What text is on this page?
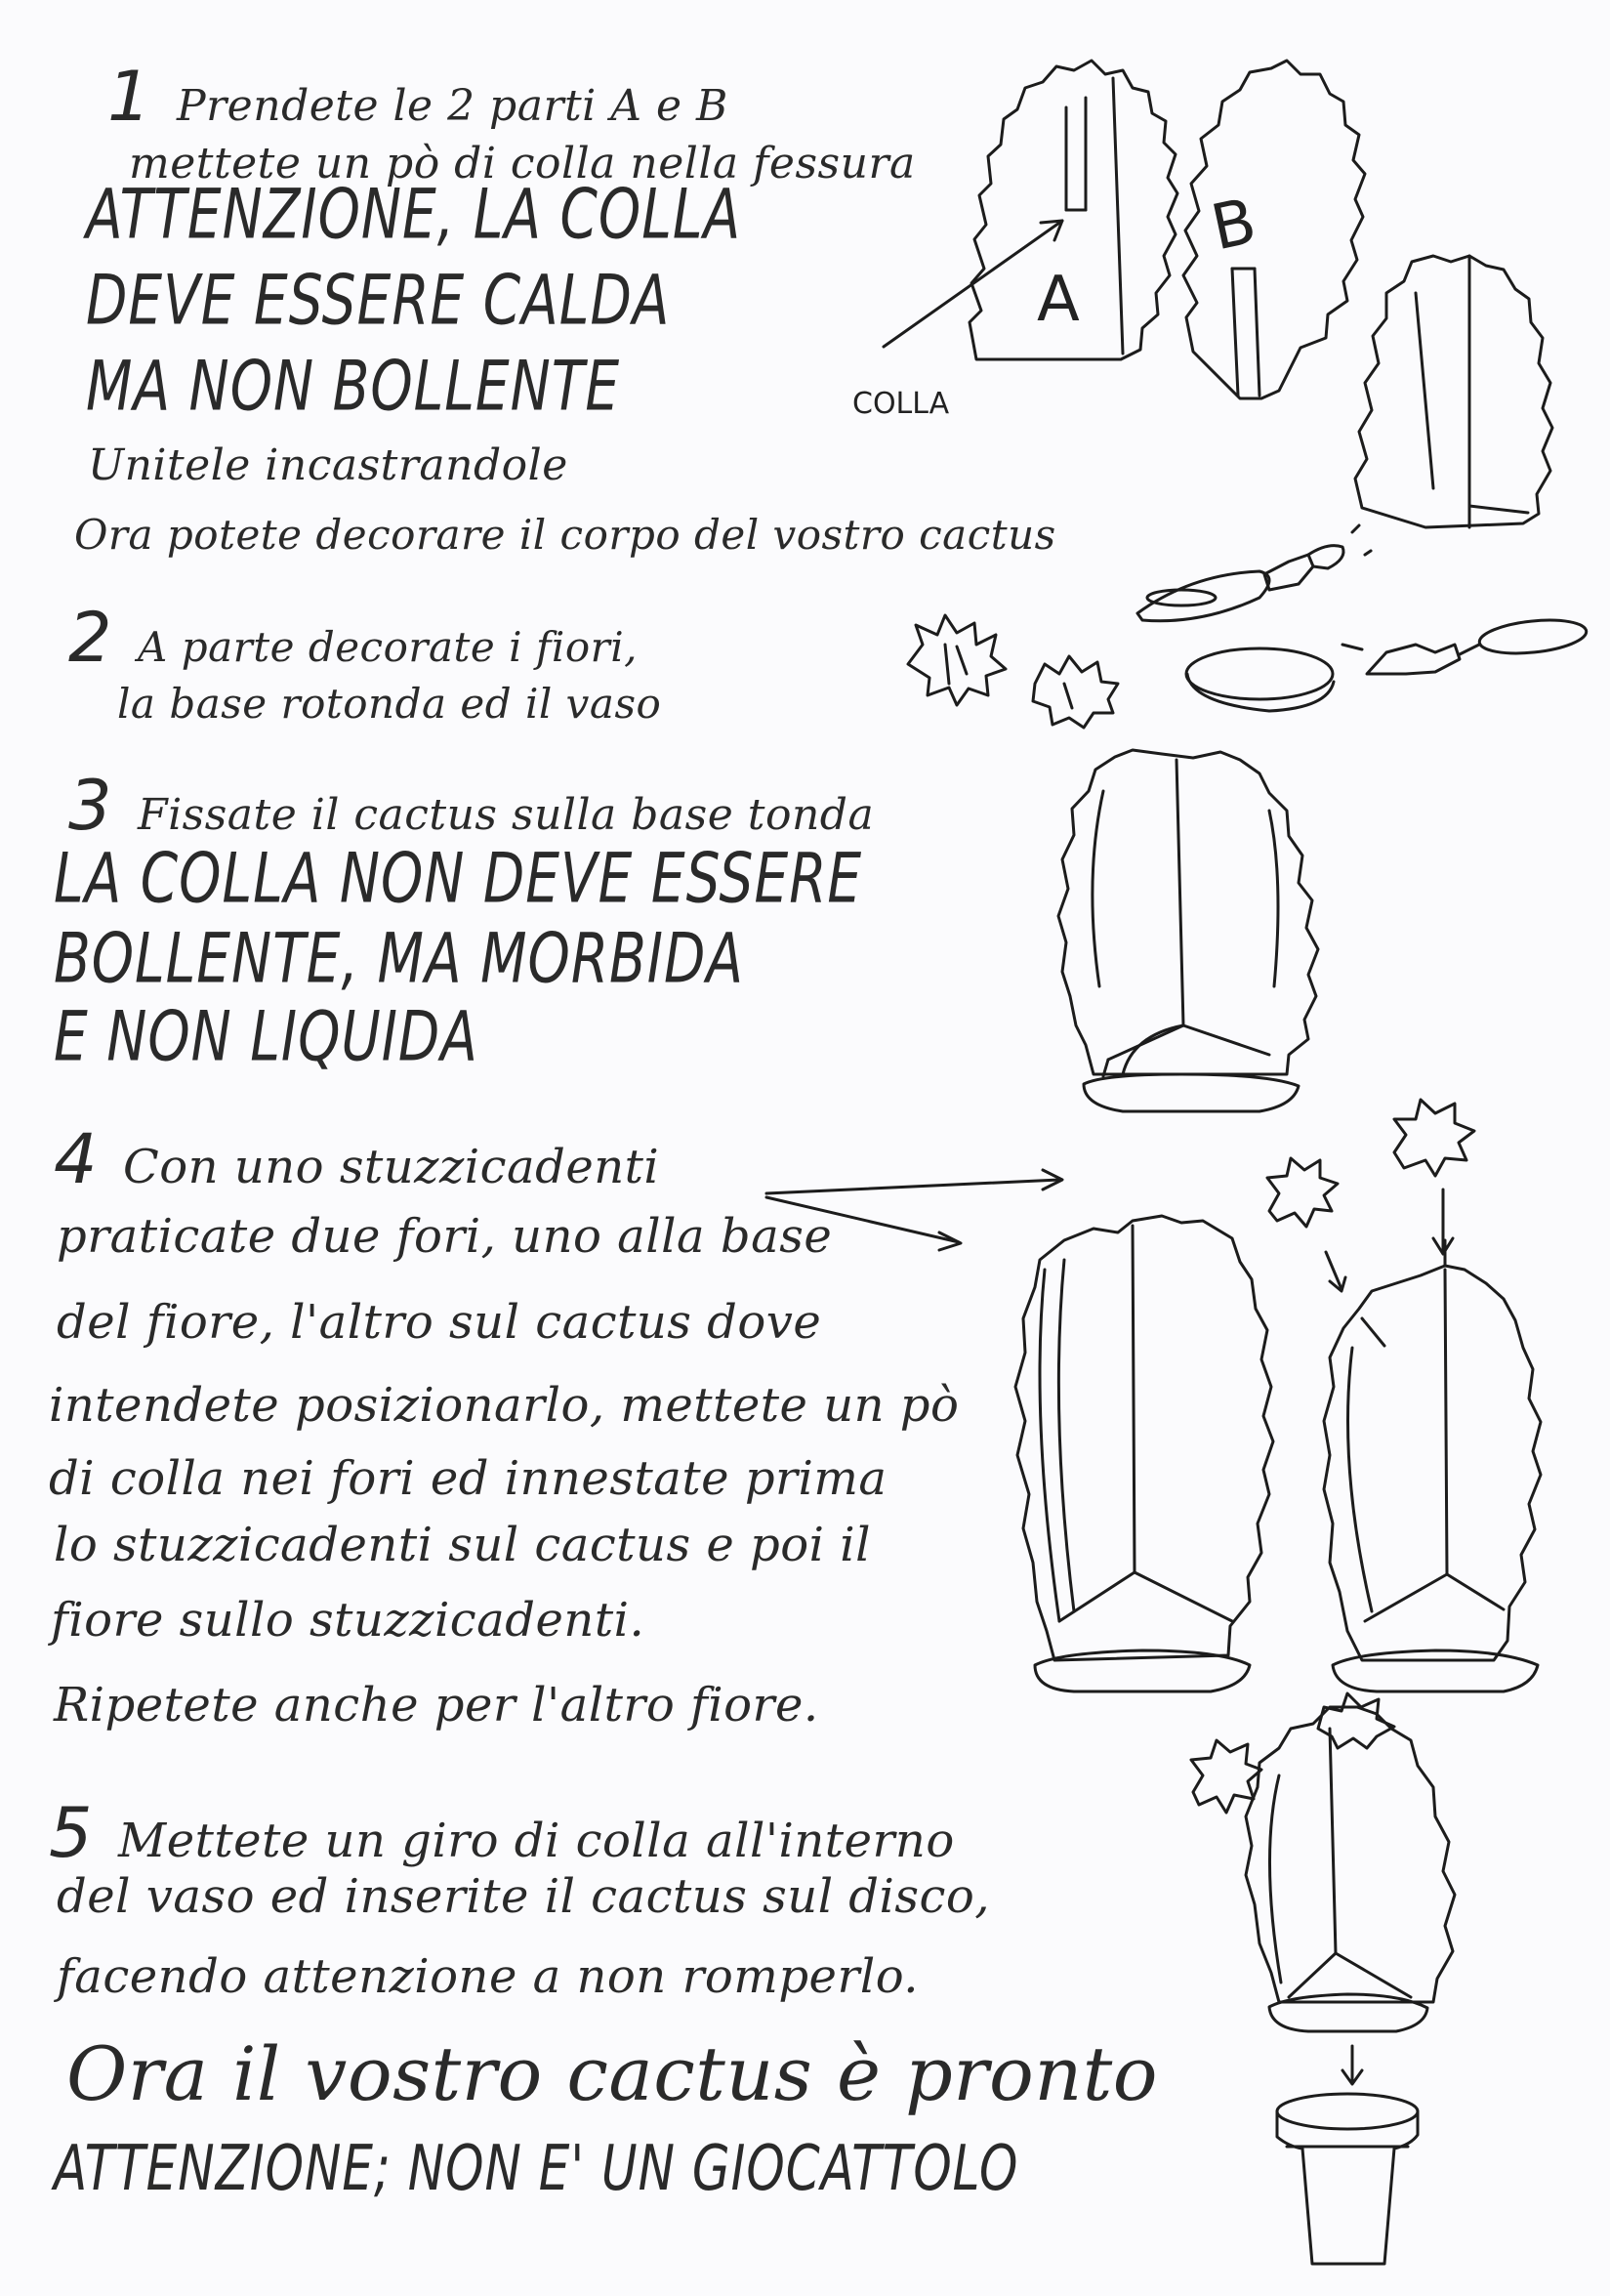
A
B
COLLA

1 Prendete le 2 parti A e B

mettete un pò di colla nella fessura

ATTENZIONE, LA COLLA

DEVE ESSERE CALDA

MA NON BOLLENTE

Unitele incastrandole

Ora potete decorare il corpo del vostro cactus

2 A parte decorate i fiori,

la base rotonda ed il vaso

3 Fissate il cactus sulla base tonda

LA COLLA NON DEVE ESSERE

BOLLENTE, MA MORBIDA

E NON LIQUIDA

4 Con uno stuzzicadenti

praticate due fori, uno alla base

del fiore, l'altro sul cactus dove

intendete posizionarlo, mettete un pò

di colla nei fori ed innestate prima

lo stuzzicadenti sul cactus e poi il

fiore sullo stuzzicadenti.

Ripetete anche per l'altro fiore.

5 Mettete un giro di colla all'interno

del vaso ed inserite il cactus sul disco,

facendo attenzione a non romperlo.

Ora il vostro cactus è pronto

ATTENZIONE; NON E' UN GIOCATTOLO
